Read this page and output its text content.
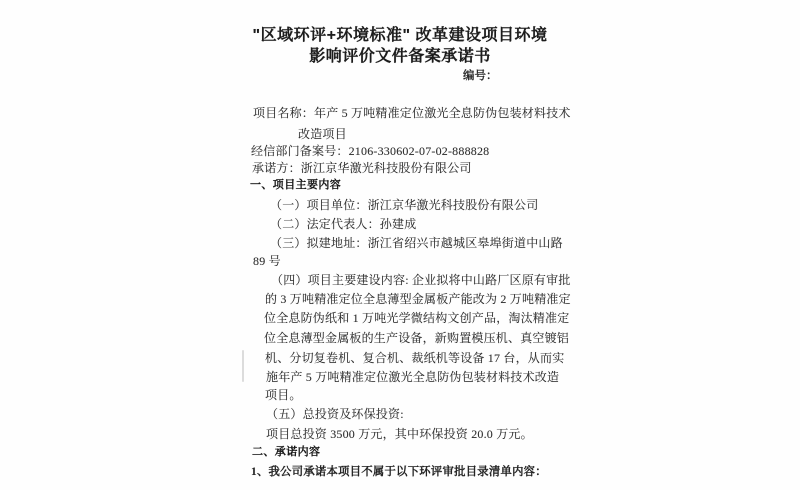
"区域环评+环境标准" 改革建设项目环境
影响评价文件备案承诺书
编号：
项目名称：年产 5 万吨精准定位激光全息防伪包装材料技术
改造项目
经信部门备案号：2106-330602-07-02-888828
承诺方：浙江京华激光科技股份有限公司
一、项目主要内容
（一）项目单位：浙江京华激光科技股份有限公司
（二）法定代表人：孙建成
（三）拟建地址：浙江省绍兴市越城区皋埠街道中山路
89 号
（四）项目主要建设内容: 企业拟将中山路厂区原有审批
的 3 万吨精准定位全息薄型金属板产能改为 2 万吨精准定
位全息防伪纸和 1 万吨光学微结构文创产品，淘汰精准定
位全息薄型金属板的生产设备，新购置模压机、真空镀铝
机、分切复卷机、复合机、裁纸机等设备 17 台，从而实
施年产 5 万吨精准定位激光全息防伪包装材料技术改造
项目。
（五）总投资及环保投资:
项目总投资 3500 万元，其中环保投资 20.0 万元。
二、承诺内容
1、我公司承诺本项目不属于以下环评审批目录清单内容：
